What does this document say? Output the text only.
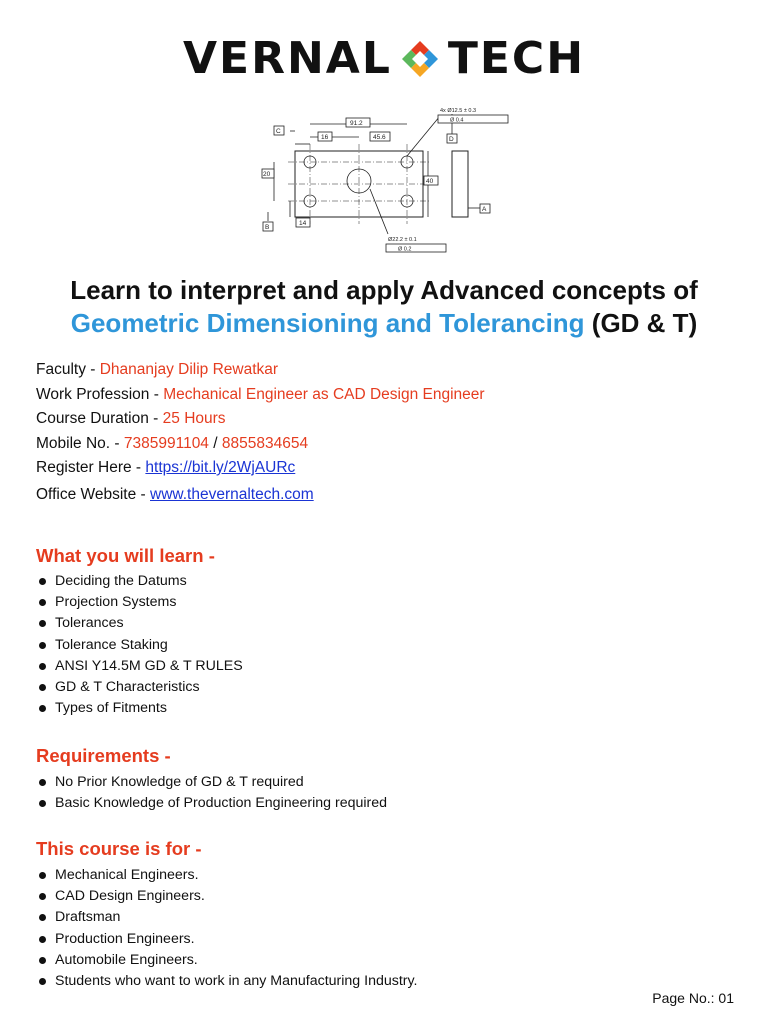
VERNAL TECH
91.2
16	45.6
20
40
14
4x Ø12.5 ± 0.3
Ø 0.4
Ø22.2 ± 0.1
Ø 0.2
C
D
A
B
Learn to interpret and apply Advanced concepts of
Geometric Dimensioning and Tolerancing (GD & T)
Faculty - Dhananjay Dilip Rewatkar
Work Profession - Mechanical Engineer as CAD Design Engineer
Course Duration - 25 Hours
Mobile No. - 7385991104 / 8855834654
Register Here - https://bit.ly/2WjAURc
Office Website - www.thevernaltech.com
What you will learn -
Deciding the Datums
Projection Systems
Tolerances
Tolerance Staking
ANSI Y14.5M GD & T RULES
GD & T Characteristics
Types of Fitments
Requirements -
No Prior Knowledge of GD & T required
Basic Knowledge of Production Engineering required
This course is for -
Mechanical Engineers.
CAD Design Engineers.
Draftsman
Production Engineers.
Automobile Engineers.
Students who want to work in any Manufacturing Industry.
Page No.: 01
